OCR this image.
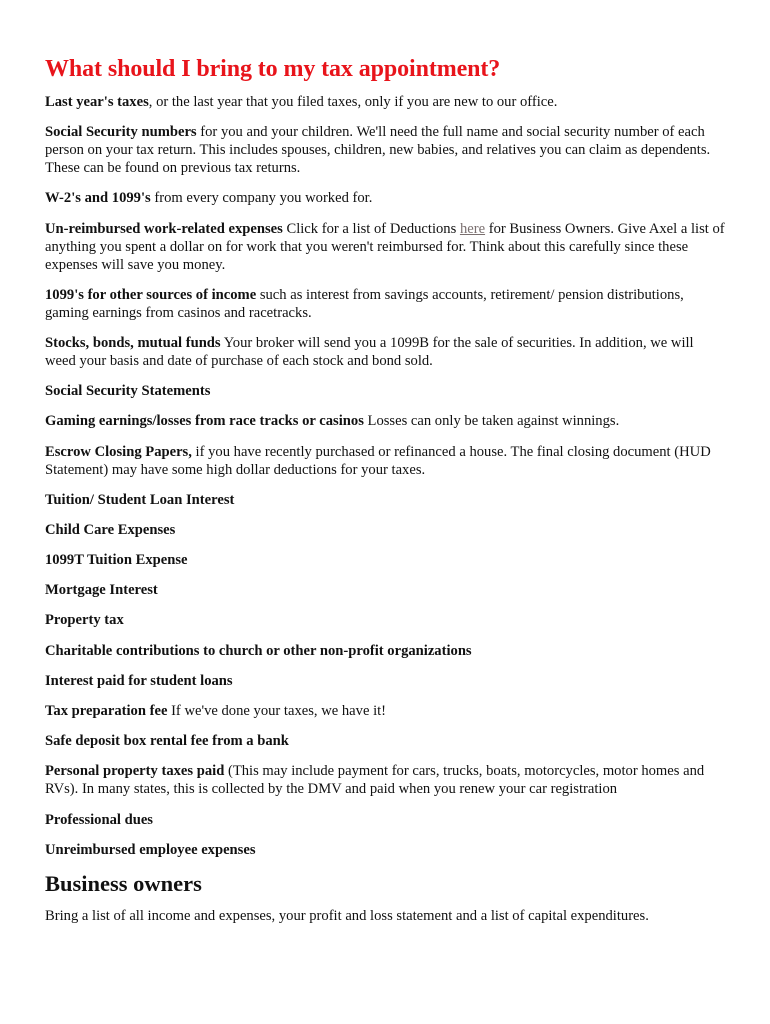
What should I bring to my tax appointment?

Last year's taxes, or the last year that you filed taxes, only if you are new to our office.

Social Security numbers for you and your children. We'll need the full name and social security number of each person on your tax return. This includes spouses, children, new babies, and relatives you can claim as dependents. These can be found on previous tax returns.

W-2's and 1099's from every company you worked for.

Un-reimbursed work-related expenses Click for a list of Deductions here for Business Owners. Give Axel a list of anything you spent a dollar on for work that you weren't reimbursed for. Think about this carefully since these expenses will save you money.

1099's for other sources of income such as interest from savings accounts, retirement/ pension distributions, gaming earnings from casinos and racetracks.

Stocks, bonds, mutual funds Your broker will send you a 1099B for the sale of securities. In addition, we will weed your basis and date of purchase of each stock and bond sold.

Social Security Statements

Gaming earnings/losses from race tracks or casinos Losses can only be taken against winnings.

Escrow Closing Papers, if you have recently purchased or refinanced a house. The final closing document (HUD Statement) may have some high dollar deductions for your taxes.

Tuition/ Student Loan Interest

Child Care Expenses

1099T Tuition Expense

Mortgage Interest

Property tax

Charitable contributions to church or other non-profit organizations

Interest paid for student loans

Tax preparation fee If we've done your taxes, we have it!

Safe deposit box rental fee from a bank

Personal property taxes paid (This may include payment for cars, trucks, boats, motorcycles, motor homes and RVs). In many states, this is collected by the DMV and paid when you renew your car registration

Professional dues

Unreimbursed employee expenses

Business owners

Bring a list of all income and expenses, your profit and loss statement and a list of capital expenditures.
